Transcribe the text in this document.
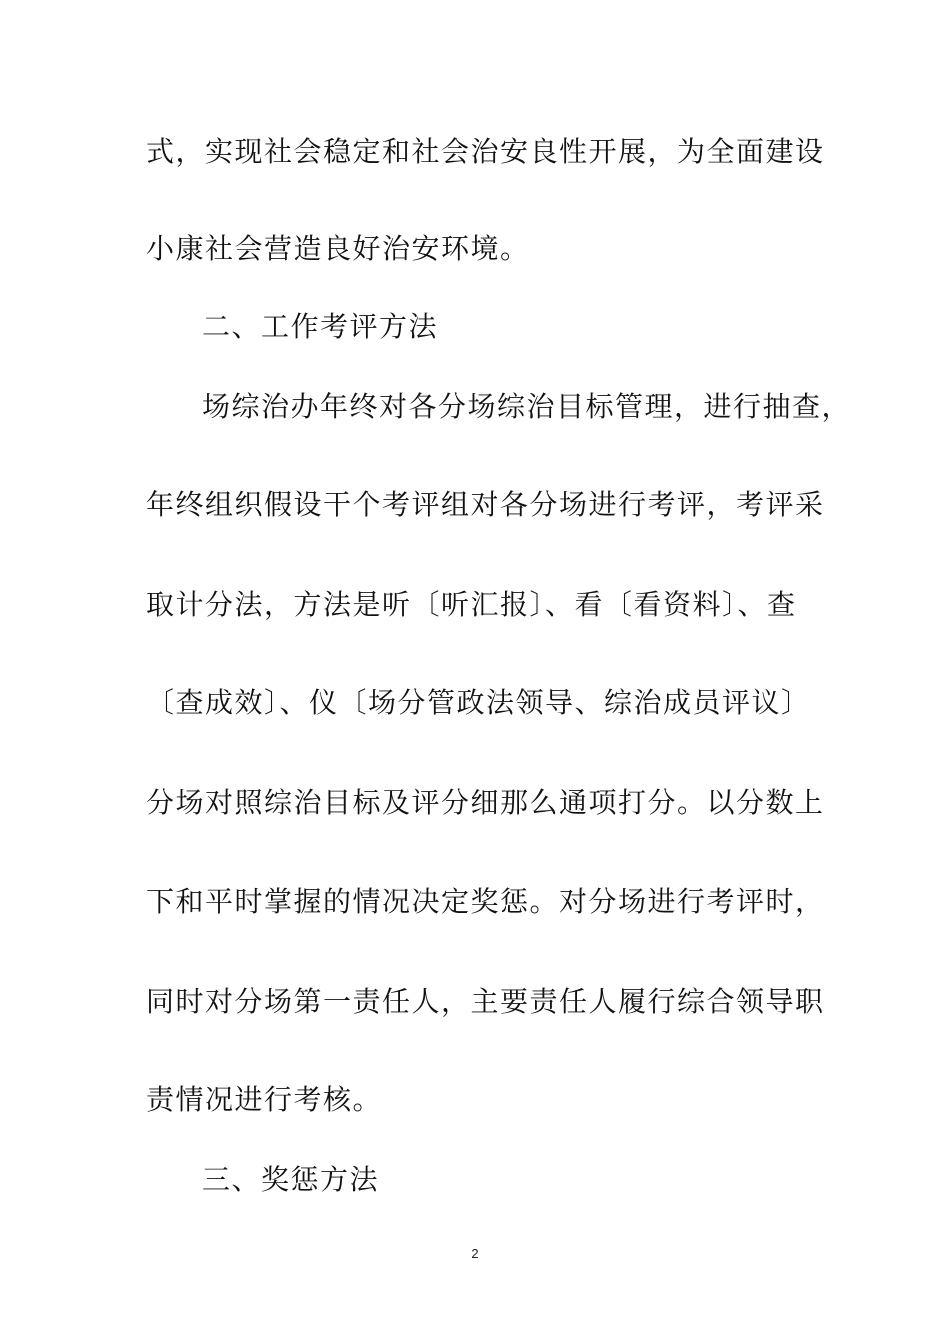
式，实现社会稳定和社会治安良性开展，为全面建设
小康社会营造良好治安环境。
二、工作考评方法
场综治办年终对各分场综治目标管理，进行抽查，
年终组织假设干个考评组对各分场进行考评，考评采
取计分法，方法是听〔听汇报〕、看〔看资料〕、查
〔查成效〕、仪〔场分管政法领导、综治成员评议〕
分场对照综治目标及评分细那么通项打分。以分数上
下和平时掌握的情况决定奖惩。对分场进行考评时，
同时对分场第一责任人，主要责任人履行综合领导职
责情况进行考核。
三、奖惩方法
2
